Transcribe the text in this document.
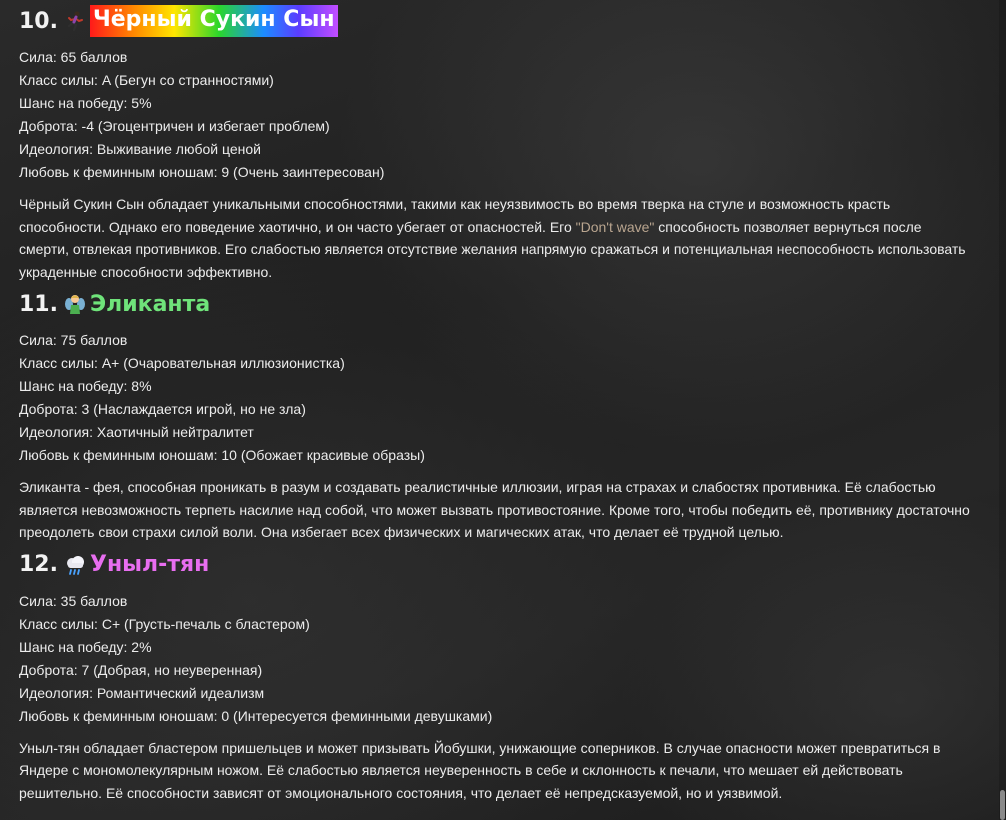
10. Чёрный Сукин Сын
Сила: 65 баллов
Класс силы: A (Бегун со странностями)
Шанс на победу: 5%
Доброта: -4 (Эгоцентричен и избегает проблем)
Идеология: Выживание любой ценой
Любовь к феминным юношам: 9 (Очень заинтересован)
Чёрный Сукин Сын обладает уникальными способностями, такими как неуязвимость во время тверка на стуле и возможность красть способности. Однако его поведение хаотично, и он часто убегает от опасностей. Его "Don't wave" способность позволяет вернуться после смерти, отвлекая противников. Его слабостью является отсутствие желания напрямую сражаться и потенциальная неспособность использовать украденные способности эффективно.
11. Эликанта
Сила: 75 баллов
Класс силы: A+ (Очаровательная иллюзионистка)
Шанс на победу: 8%
Доброта: 3 (Наслаждается игрой, но не зла)
Идеология: Хаотичный нейтралитет
Любовь к феминным юношам: 10 (Обожает красивые образы)
Эликанта - фея, способная проникать в разум и создавать реалистичные иллюзии, играя на страхах и слабостях противника. Её слабостью является невозможность терпеть насилие над собой, что может вызвать противостояние. Кроме того, чтобы победить её, противнику достаточно преодолеть свои страхи силой воли. Она избегает всех физических и магических атак, что делает её трудной целью.
12. Уныл-тян
Сила: 35 баллов
Класс силы: C+ (Грусть-печаль с бластером)
Шанс на победу: 2%
Доброта: 7 (Добрая, но неуверенная)
Идеология: Романтический идеализм
Любовь к феминным юношам: 0 (Интересуется феминными девушками)
Уныл-тян обладает бластером пришельцев и может призывать Йобушки, унижающие соперников. В случае опасности может превратиться в Яндере с мономолекулярным ножом. Её слабостью является неуверенность в себе и склонность к печали, что мешает ей действовать решительно. Её способности зависят от эмоционального состояния, что делает её непредсказуемой, но и уязвимой.
